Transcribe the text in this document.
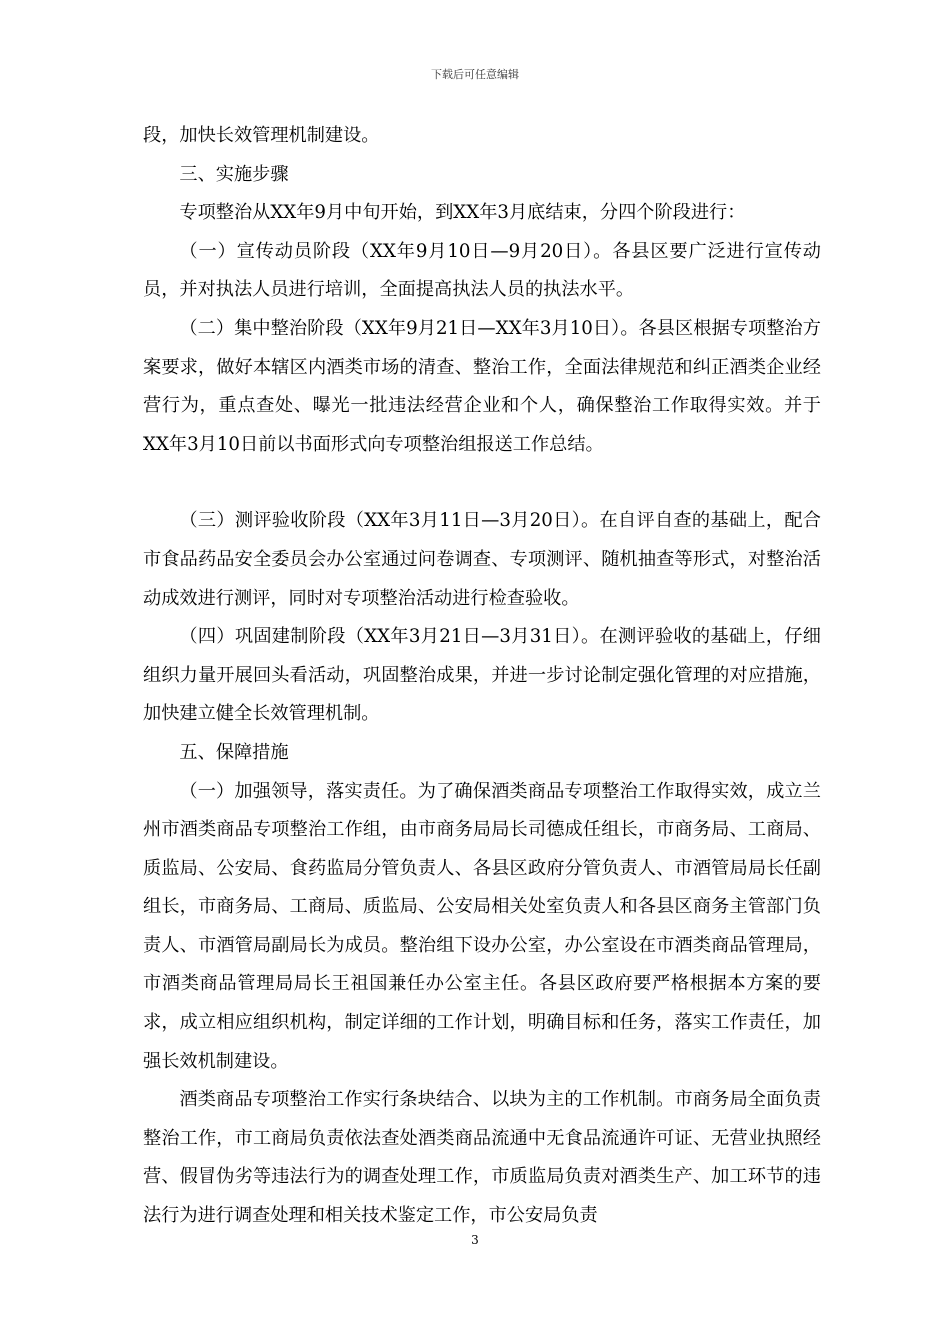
下载后可任意编辑

段，加快长效管理机制建设。

三、实施步骤

专项整治从XX年9月中旬开始，到XX年3月底结束，分四个阶段进行：

（一）宣传动员阶段（XX年9月10日—9月20日）。各县区要广泛进行宣传动员，并对执法人员进行培训，全面提高执法人员的执法水平。

（二）集中整治阶段（XX年9月21日—XX年3月10日）。各县区根据专项整治方案要求，做好本辖区内酒类市场的清查、整治工作，全面法律规范和纠正酒类企业经营行为，重点查处、曝光一批违法经营企业和个人，确保整治工作取得实效。并于XX年3月10日前以书面形式向专项整治组报送工作总结。

（三）测评验收阶段（XX年3月11日—3月20日）。在自评自查的基础上，配合市食品药品安全委员会办公室通过问卷调查、专项测评、随机抽查等形式，对整治活动成效进行测评，同时对专项整治活动进行检查验收。

（四）巩固建制阶段（XX年3月21日—3月31日）。在测评验收的基础上，仔细组织力量开展回头看活动，巩固整治成果，并进一步讨论制定强化管理的对应措施，加快建立健全长效管理机制。

五、保障措施

（一）加强领导，落实责任。为了确保酒类商品专项整治工作取得实效，成立兰州市酒类商品专项整治工作组，由市商务局局长司德成任组长，市商务局、工商局、质监局、公安局、食药监局分管负责人、各县区政府分管负责人、市酒管局局长任副组长，市商务局、工商局、质监局、公安局相关处室负责人和各县区商务主管部门负责人、市酒管局副局长为成员。整治组下设办公室，办公室设在市酒类商品管理局，市酒类商品管理局局长王祖国兼任办公室主任。各县区政府要严格根据本方案的要求，成立相应组织机构，制定详细的工作计划，明确目标和任务，落实工作责任，加强长效机制建设。

酒类商品专项整治工作实行条块结合、以块为主的工作机制。市商务局全面负责整治工作，市工商局负责依法查处酒类商品流通中无食品流通许可证、无营业执照经营、假冒伪劣等违法行为的调查处理工作，市质监局负责对酒类生产、加工环节的违法行为进行调查处理和相关技术鉴定工作，市公安局负责

3
